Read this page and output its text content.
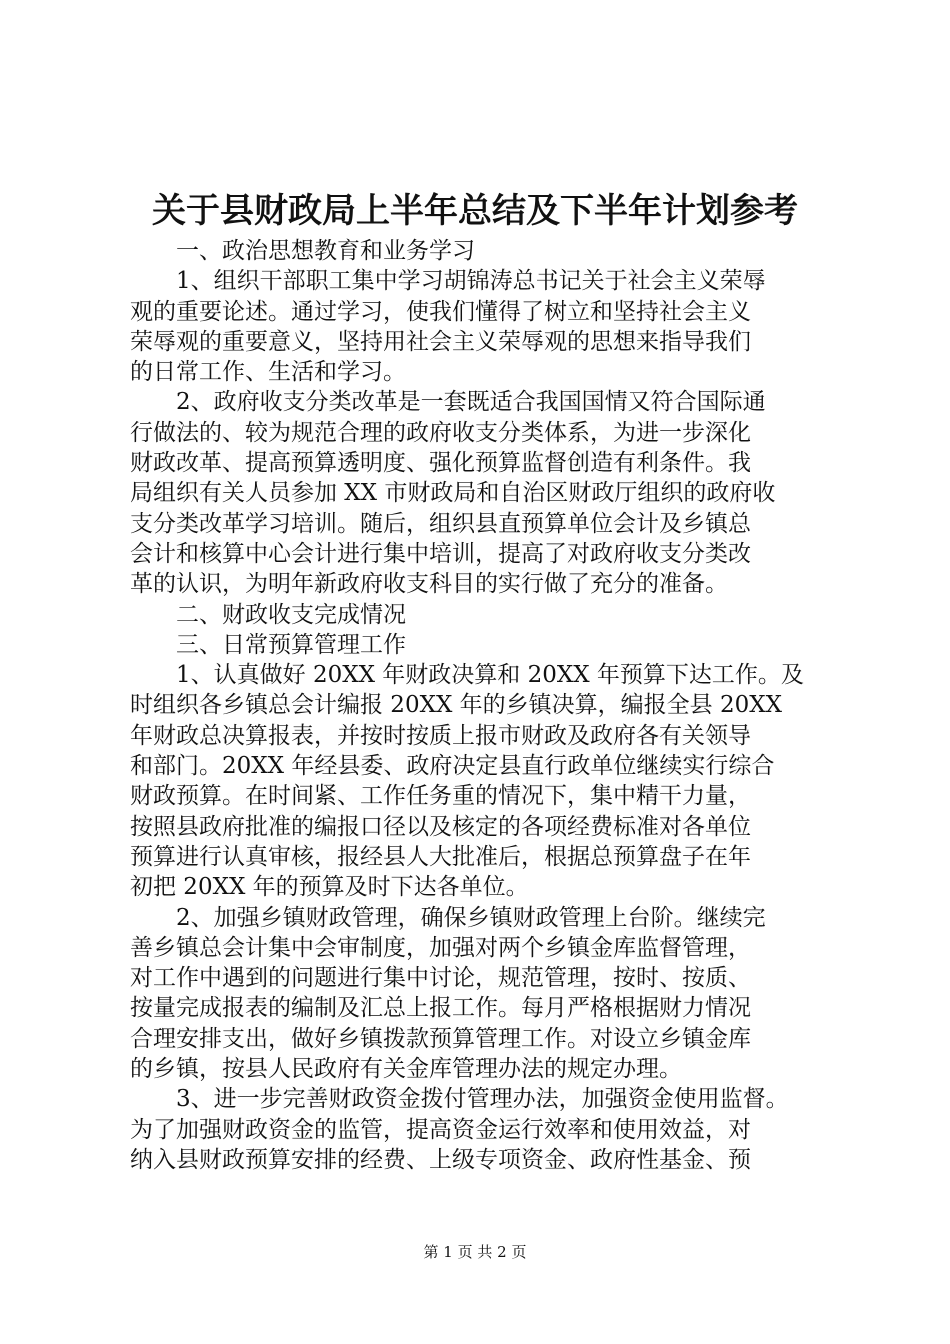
关于县财政局上半年总结及下半年计划参考
一、政治思想教育和业务学习
1、组织干部职工集中学习胡锦涛总书记关于社会主义荣辱
观的重要论述。通过学习，使我们懂得了树立和坚持社会主义
荣辱观的重要意义，坚持用社会主义荣辱观的思想来指导我们
的日常工作、生活和学习。
2、政府收支分类改革是一套既适合我国国情又符合国际通
行做法的、较为规范合理的政府收支分类体系，为进一步深化
财政改革、提高预算透明度、强化预算监督创造有利条件。我
局组织有关人员参加 XX 市财政局和自治区财政厅组织的政府收
支分类改革学习培训。随后，组织县直预算单位会计及乡镇总
会计和核算中心会计进行集中培训，提高了对政府收支分类改
革的认识，为明年新政府收支科目的实行做了充分的准备。
二、财政收支完成情况
三、日常预算管理工作
1、认真做好 20XX 年财政决算和 20XX 年预算下达工作。及
时组织各乡镇总会计编报 20XX 年的乡镇决算，编报全县 20XX
年财政总决算报表，并按时按质上报市财政及政府各有关领导
和部门。20XX 年经县委、政府决定县直行政单位继续实行综合
财政预算。在时间紧、工作任务重的情况下，集中精干力量，
按照县政府批准的编报口径以及核定的各项经费标准对各单位
预算进行认真审核，报经县人大批准后，根据总预算盘子在年
初把 20XX 年的预算及时下达各单位。
2、加强乡镇财政管理，确保乡镇财政管理上台阶。继续完
善乡镇总会计集中会审制度，加强对两个乡镇金库监督管理，
对工作中遇到的问题进行集中讨论，规范管理，按时、按质、
按量完成报表的编制及汇总上报工作。每月严格根据财力情况
合理安排支出，做好乡镇拨款预算管理工作。对设立乡镇金库
的乡镇，按县人民政府有关金库管理办法的规定办理。
3、进一步完善财政资金拨付管理办法，加强资金使用监督。
为了加强财政资金的监管，提高资金运行效率和使用效益，对
纳入县财政预算安排的经费、上级专项资金、政府性基金、预
第 1 页 共 2 页
